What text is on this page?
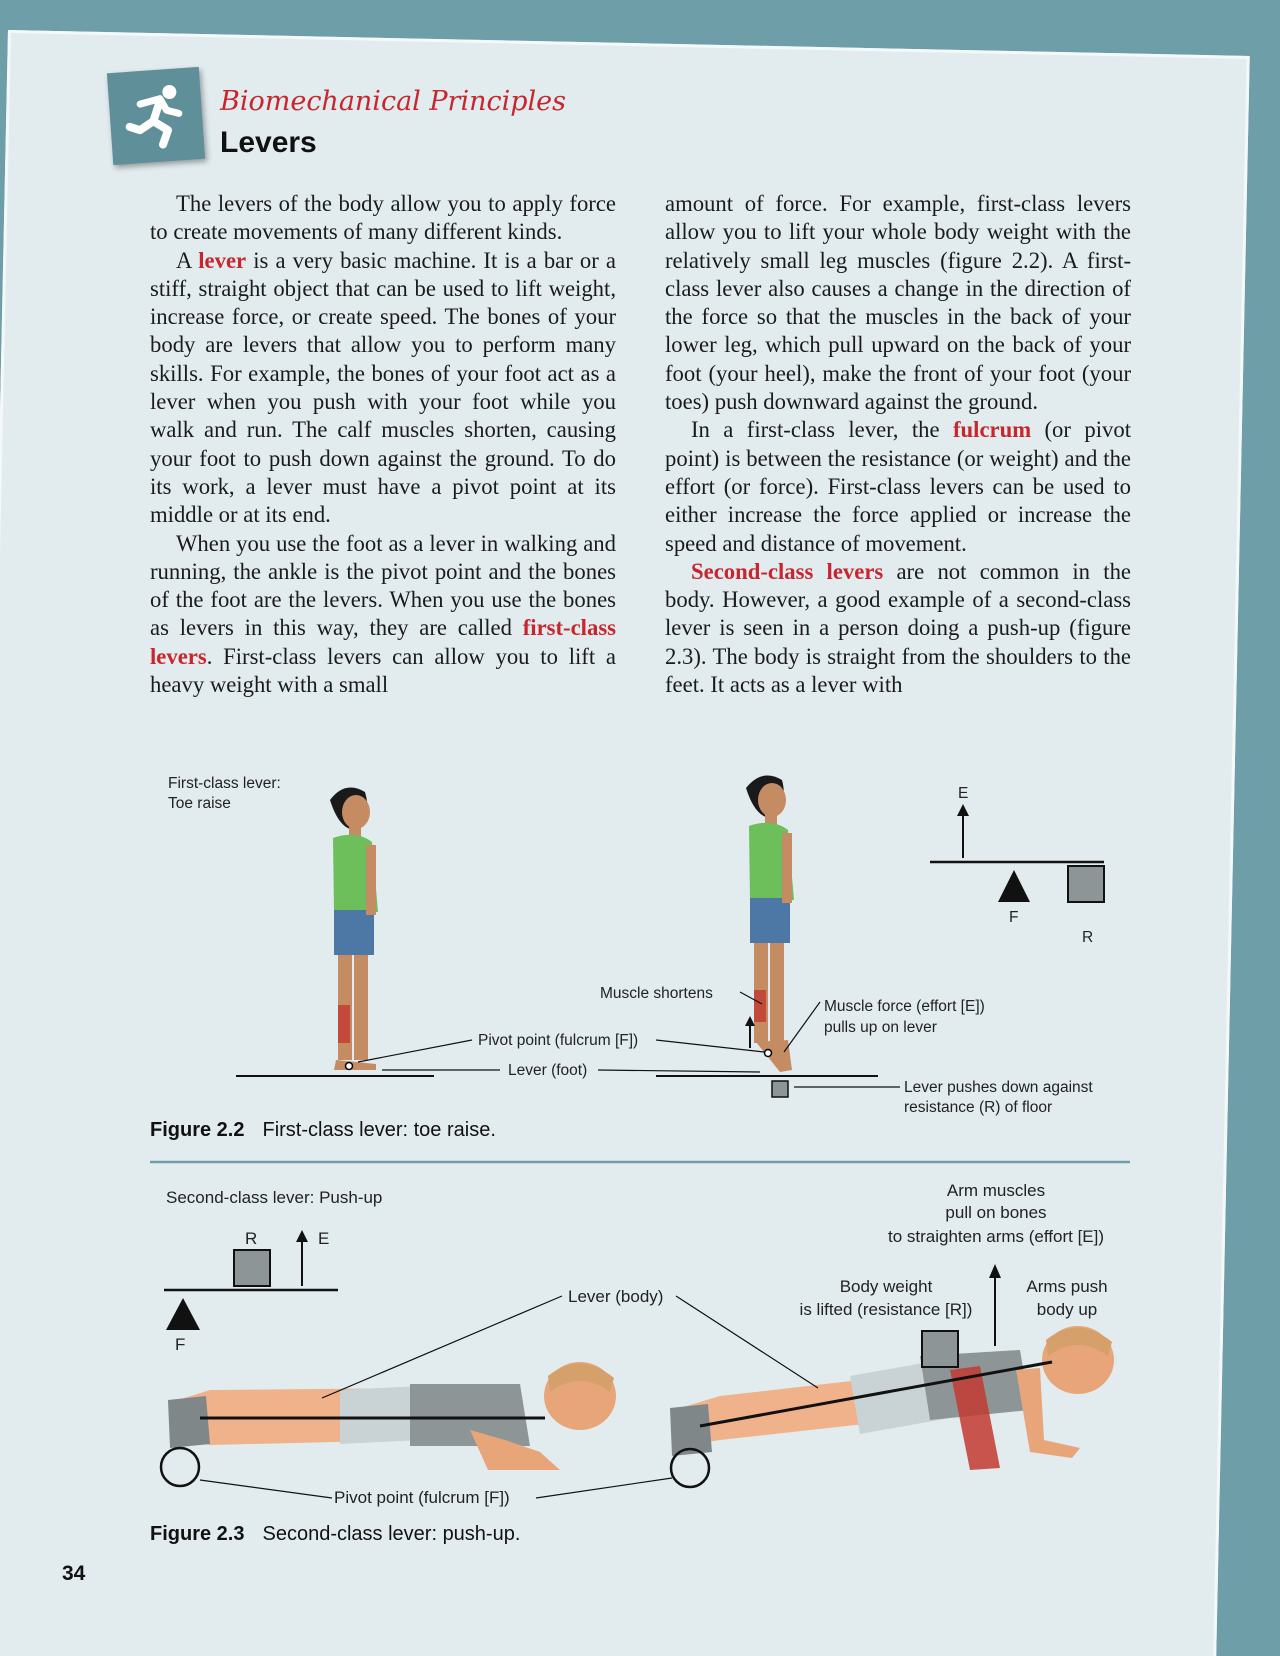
Biomechanical Principles
Levers

The levers of the body allow you to apply force to create movements of many different kinds.

A lever is a very basic machine. It is a bar or a stiff, straight object that can be used to lift weight, increase force, or create speed. The bones of your body are levers that allow you to perform many skills. For example, the bones of your foot act as a lever when you push with your foot while you walk and run. The calf muscles shorten, causing your foot to push down against the ground. To do its work, a lever must have a pivot point at its middle or at its end.

When you use the foot as a lever in walking and running, the ankle is the pivot point and the bones of the foot are the levers. When you use the bones as levers in this way, they are called first-class levers. First-class levers can allow you to lift a heavy weight with a small

amount of force. For example, first-class levers allow you to lift your whole body weight with the relatively small leg muscles (figure 2.2). A first-class lever also causes a change in the direction of the force so that the muscles in the back of your lower leg, which pull upward on the back of your foot (your heel), make the front of your foot (your toes) push downward against the ground.

In a first-class lever, the fulcrum (or pivot point) is between the resistance (or weight) and the effort (or force). First-class levers can be used to either increase the force applied or increase the speed and distance of movement.

Second-class levers are not common in the body. However, a good example of a second-class lever is seen in a person doing a push-up (figure 2.3). The body is straight from the shoulders to the feet. It acts as a lever with

First-class lever:
Toe raise
Muscle shortens
Pivot point (fulcrum [F])
Lever (foot)
Muscle force (effort [E])
pulls up on lever
Lever pushes down against
resistance (R) of floor
E
F
R
Second-class lever: Push-up
R	E
F
Lever (body)
Arm muscles
pull on bones
to straighten arms (effort [E])
Body weight
is lifted (resistance [R])
Arms push
body up
Pivot point (fulcrum [F])
Figure 2.2 First-class lever: toe raise.
Figure 2.3 Second-class lever: push-up.
34
